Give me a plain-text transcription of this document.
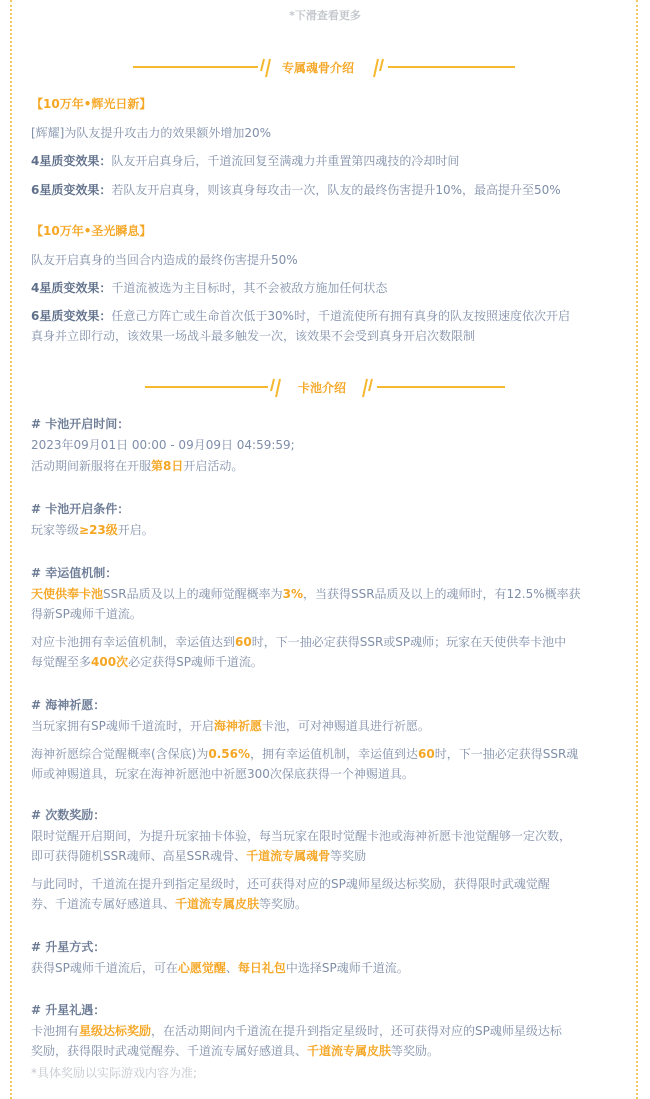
*下滑查看更多
专属魂骨介绍
【10万年•辉光日新】
[辉耀]为队友提升攻击力的效果额外增加20%
4星质变效果：队友开启真身后，千道流回复至满魂力并重置第四魂技的冷却时间
6星质变效果：若队友开启真身，则该真身每攻击一次，队友的最终伤害提升10%，最高提升至50%
【10万年•圣光瞬息】
队友开启真身的当回合内造成的最终伤害提升50%
4星质变效果：千道流被选为主目标时，其不会被敌方施加任何状态
6星质变效果：任意己方阵亡或生命首次低于30%时，千道流使所有拥有真身的队友按照速度依次开启
真身并立即行动，该效果一场战斗最多触发一次，该效果不会受到真身开启次数限制
卡池介绍
# 卡池开启时间：
2023年09月01日 00:00 - 09月09日 04:59:59;
活动期间新服将在开服第8日开启活动。
# 卡池开启条件：
玩家等级≥23级开启。
# 幸运值机制：
天使供奉卡池SSR品质及以上的魂师觉醒概率为3%，当获得SSR品质及以上的魂师时，有12.5%概率获
得新SP魂师千道流。
对应卡池拥有幸运值机制，幸运值达到60时，下一抽必定获得SSR或SP魂师；玩家在天使供奉卡池中
每觉醒至多400次必定获得SP魂师千道流。
# 海神祈愿：
当玩家拥有SP魂师千道流时，开启海神祈愿卡池，可对神赐道具进行祈愿。
海神祈愿综合觉醒概率(含保底)为0.56%，拥有幸运值机制，幸运值到达60时，下一抽必定获得SSR魂
师或神赐道具，玩家在海神祈愿池中祈愿300次保底获得一个神赐道具。
# 次数奖励：
限时觉醒开启期间，为提升玩家抽卡体验，每当玩家在限时觉醒卡池或海神祈愿卡池觉醒够一定次数，
即可获得随机SSR魂师、高星SSR魂骨、千道流专属魂骨等奖励
与此同时，千道流在提升到指定星级时，还可获得对应的SP魂师星级达标奖励，获得限时武魂觉醒
券、千道流专属好感道具、千道流专属皮肤等奖励。
# 升星方式：
获得SP魂师千道流后，可在心愿觉醒、每日礼包中选择SP魂师千道流。
# 升星礼遇：
卡池拥有星级达标奖励，在活动期间内千道流在提升到指定星级时，还可获得对应的SP魂师星级达标
奖励，获得限时武魂觉醒券、千道流专属好感道具、千道流专属皮肤等奖励。
*具体奖励以实际游戏内容为准;
